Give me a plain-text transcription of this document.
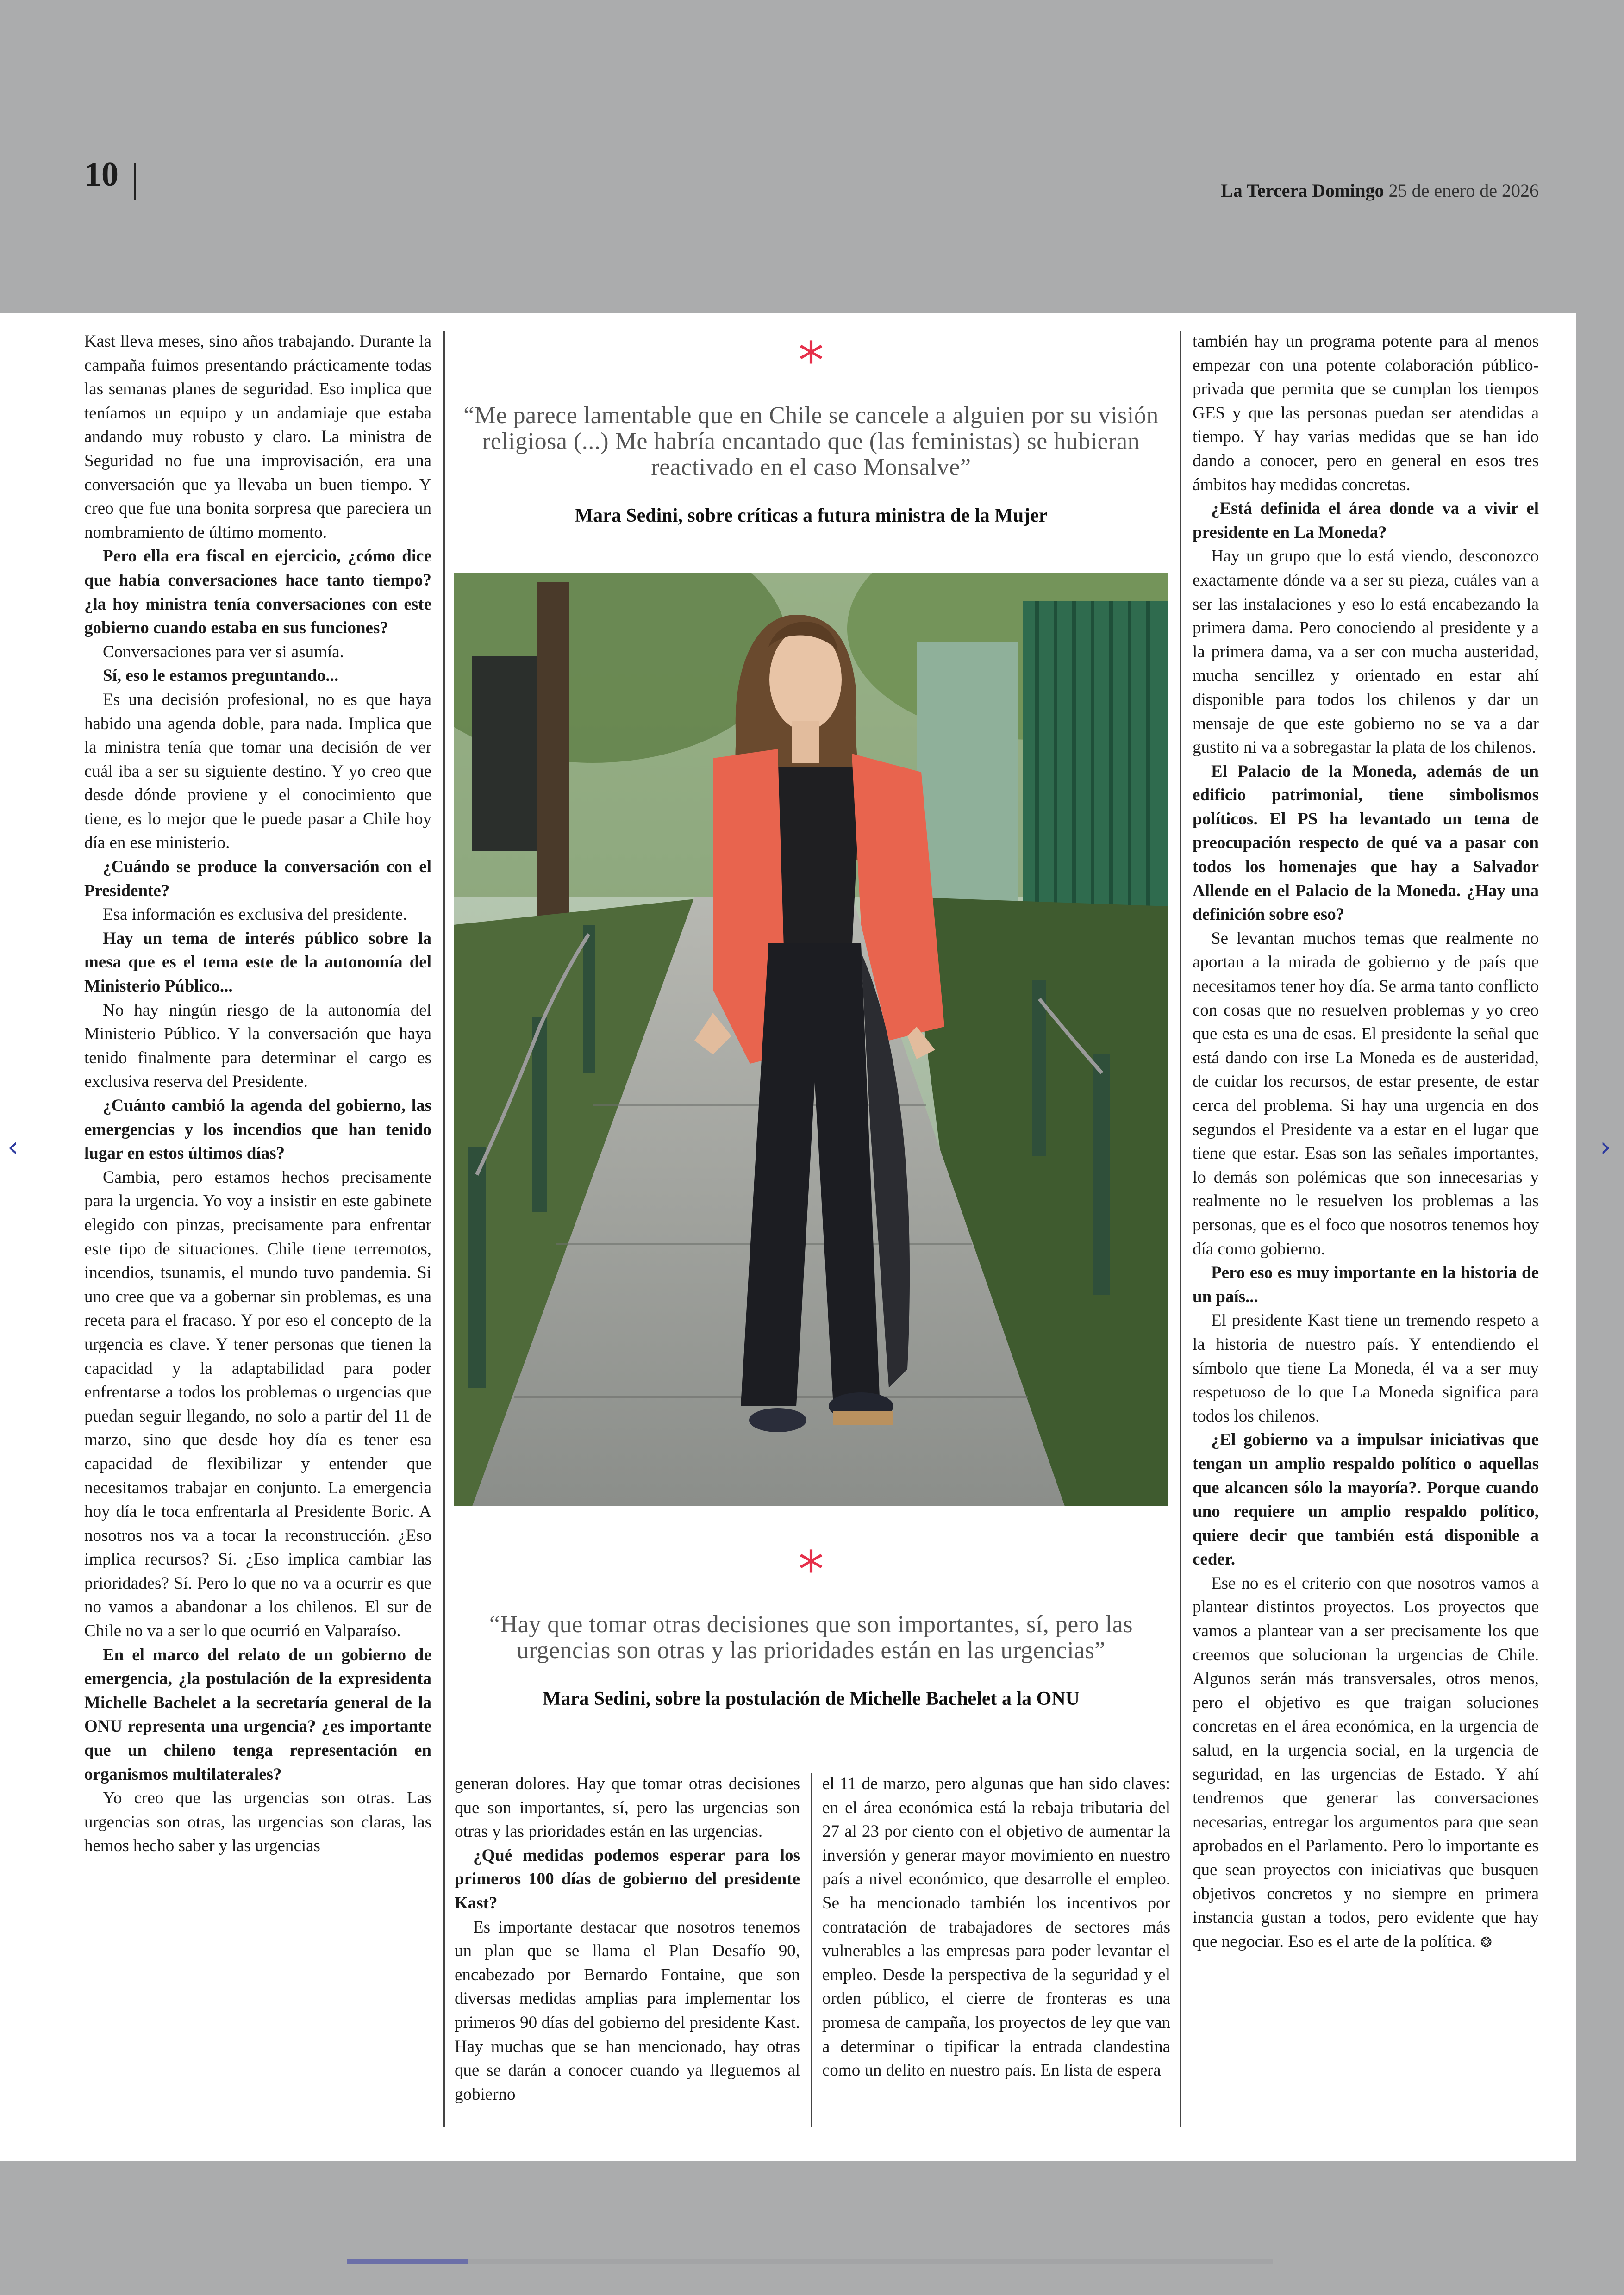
10	La Tercera Domingo 25 de enero de 2026

Kast lleva meses, sino años trabajando. Durante la campaña fuimos presentando prácticamente todas las semanas planes de seguridad. Eso implica que teníamos un equipo y un andamiaje que estaba andando muy robusto y claro. La ministra de Seguridad no fue una improvisación, era una conversación que ya llevaba un buen tiempo. Y creo que fue una bonita sorpresa que pareciera un nombramiento de último momento.

Pero ella era fiscal en ejercicio, ¿cómo dice que había conversaciones hace tanto tiempo? ¿la hoy ministra tenía conversaciones con este gobierno cuando estaba en sus funciones?

Conversaciones para ver si asumía.

Sí, eso le estamos preguntando...

Es una decisión profesional, no es que haya habido una agenda doble, para nada. Implica que la ministra tenía que tomar una decisión de ver cuál iba a ser su siguiente destino. Y yo creo que desde dónde proviene y el conocimiento que tiene, es lo mejor que le puede pasar a Chile hoy día en ese ministerio.

¿Cuándo se produce la conversación con el Presidente?

Esa información es exclusiva del presidente.

Hay un tema de interés público sobre la mesa que es el tema este de la autonomía del Ministerio Público...

No hay ningún riesgo de la autonomía del Ministerio Público. Y la conversación que haya tenido finalmente para determinar el cargo es exclusiva reserva del Presidente.

¿Cuánto cambió la agenda del gobierno, las emergencias y los incendios que han tenido lugar en estos últimos días?

Cambia, pero estamos hechos precisamente para la urgencia. Yo voy a insistir en este gabinete elegido con pinzas, precisamente para enfrentar este tipo de situaciones. Chile tiene terremotos, incendios, tsunamis, el mundo tuvo pandemia. Si uno cree que va a gobernar sin problemas, es una receta para el fracaso. Y por eso el concepto de la urgencia es clave. Y tener personas que tienen la capacidad y la adaptabilidad para poder enfrentarse a todos los problemas o urgencias que puedan seguir llegando, no solo a partir del 11 de marzo, sino que desde hoy día es tener esa capacidad de flexibilizar y entender que necesitamos trabajar en conjunto. La emergencia hoy día le toca enfrentarla al Presidente Boric. A nosotros nos va a tocar la reconstrucción. ¿Eso implica recursos? Sí. ¿Eso implica cambiar las prioridades? Sí. Pero lo que no va a ocurrir es que no vamos a abandonar a los chilenos. El sur de Chile no va a ser lo que ocurrió en Valparaíso.

En el marco del relato de un gobierno de emergencia, ¿la postulación de la expresidenta Michelle Bachelet a la secretaría general de la ONU representa una urgencia? ¿es importante que un chileno tenga representación en organismos multilaterales?

Yo creo que las urgencias son otras. Las urgencias son otras, las urgencias son claras, las hemos hecho saber y las urgencias

*
“Me parece lamentable que en Chile se cancele a alguien por su visión religiosa (...) Me habría encantado que (las feministas) se hubieran reactivado en el caso Monsalve”
Mara Sedini, sobre críticas a futura ministra de la Mujer
*
“Hay que tomar otras decisiones que son importantes, sí, pero las urgencias son otras y las prioridades están en las urgencias”
Mara Sedini, sobre la postulación de Michelle Bachelet a la ONU

generan dolores. Hay que tomar otras decisiones que son importantes, sí, pero las urgencias son otras y las prioridades están en las urgencias.

¿Qué medidas podemos esperar para los primeros 100 días de gobierno del presidente Kast?

Es importante destacar que nosotros tenemos un plan que se llama el Plan Desafío 90, encabezado por Bernardo Fontaine, que son diversas medidas amplias para implementar los primeros 90 días del gobierno del presidente Kast. Hay muchas que se han mencionado, hay otras que se darán a conocer cuando ya lleguemos al gobierno

el 11 de marzo, pero algunas que han sido claves: en el área económica está la rebaja tributaria del 27 al 23 por ciento con el objetivo de aumentar la inversión y generar mayor movimiento en nuestro país a nivel económico, que desarrolle el empleo. Se ha mencionado también los incentivos por contratación de trabajadores de sectores más vulnerables a las empresas para poder levantar el empleo. Desde la perspectiva de la seguridad y el orden público, el cierre de fronteras es una promesa de campaña, los proyectos de ley que van a determinar o tipificar la entrada clandestina como un delito en nuestro país. En lista de espera

también hay un programa potente para al menos empezar con una potente colaboración público-privada que permita que se cumplan los tiempos GES y que las personas puedan ser atendidas a tiempo. Y hay varias medidas que se han ido dando a conocer, pero en general en esos tres ámbitos hay medidas concretas.

¿Está definida el área donde va a vivir el presidente en La Moneda?

Hay un grupo que lo está viendo, desconozco exactamente dónde va a ser su pieza, cuáles van a ser las instalaciones y eso lo está encabezando la primera dama. Pero conociendo al presidente y a la primera dama, va a ser con mucha austeridad, mucha sencillez y orientado en estar ahí disponible para todos los chilenos y dar un mensaje de que este gobierno no se va a dar gustito ni va a sobregastar la plata de los chilenos.

El Palacio de la Moneda, además de un edificio patrimonial, tiene simbolismos políticos. El PS ha levantado un tema de preocupación respecto de qué va a pasar con todos los homenajes que hay a Salvador Allende en el Palacio de la Moneda. ¿Hay una definición sobre eso?

Se levantan muchos temas que realmente no aportan a la mirada de gobierno y de país que necesitamos tener hoy día. Se arma tanto conflicto con cosas que no resuelven problemas y yo creo que esta es una de esas. El presidente la señal que está dando con irse La Moneda es de austeridad, de cuidar los recursos, de estar presente, de estar cerca del problema. Si hay una urgencia en dos segundos el Presidente va a estar en el lugar que tiene que estar. Esas son las señales importantes, lo demás son polémicas que son innecesarias y realmente no le resuelven los problemas a las personas, que es el foco que nosotros tenemos hoy día como gobierno.

Pero eso es muy importante en la historia de un país...

El presidente Kast tiene un tremendo respeto a la historia de nuestro país. Y entendiendo el símbolo que tiene La Moneda, él va a ser muy respetuoso de lo que La Moneda significa para todos los chilenos.

¿El gobierno va a impulsar iniciativas que tengan un amplio respaldo político o aquellas que alcancen sólo la mayoría?. Porque cuando uno requiere un amplio respaldo político, quiere decir que también está disponible a ceder.

Ese no es el criterio con que nosotros vamos a plantear distintos proyectos. Los proyectos que vamos a plantear van a ser precisamente los que creemos que solucionan la urgencias de Chile. Algunos serán más transversales, otros menos, pero el objetivo es que traigan soluciones concretas en el área económica, en la urgencia de salud, en la urgencia social, en la urgencia de seguridad, en las urgencias de Estado. Y ahí tendremos que generar las conversaciones necesarias, entregar los argumentos para que sean aprobados en el Parlamento. Pero lo importante es que sean proyectos con iniciativas que busquen objetivos concretos y no siempre en primera instancia gustan a todos, pero evidente que hay que negociar. Eso es el arte de la política. ❂

‹	›
